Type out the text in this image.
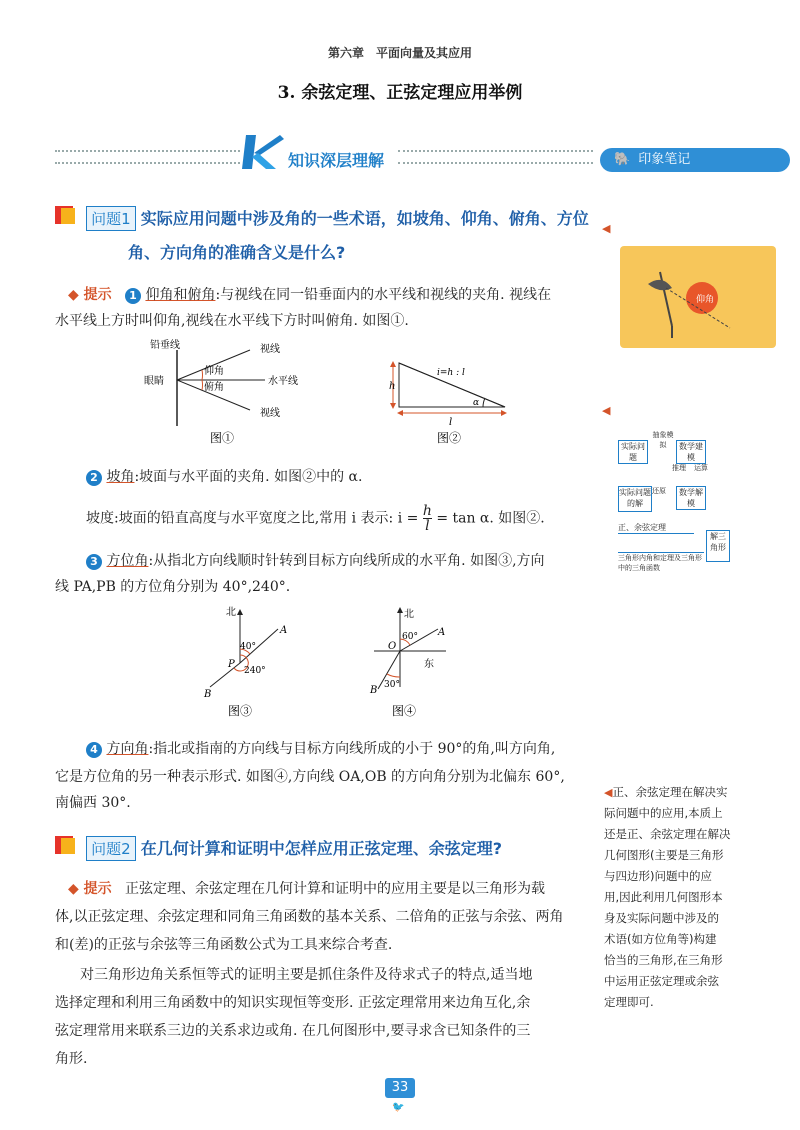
第六章　平面向量及其应用
3. 余弦定理、正弦定理应用举例
知识深层理解	🐘 印象笔记
问题1 实际应用问题中涉及角的一些术语，如坡角、仰角、俯角、方位
角、方向角的准确含义是什么?
◆ 提示 1 仰角和俯角:与视线在同一铅垂面内的水平线和视线的夹角. 视线在
水平线上方时叫仰角,视线在水平线下方时叫俯角. 如图①.
铅垂线	视线
仰角
俯角
眼睛	水平线
视线
图①
h
i=h : l
α
l
图②
2 坡角:坡面与水平面的夹角. 如图②中的 α.
坡度:坡面的铅直高度与水平宽度之比,常用 i 表示: $i = \frac{h}{l} = \tan \alpha$. 如图②.
3 方位角:从指北方向线顺时针转到目标方向线所成的水平角. 如图③,方向
线 PA,PB 的方位角分别为 40°,240°.
北
A
P
B
40°
240°
图③
北
A
O
东
B
60°
30°
图④
4 方向角:指北或指南的方向线与目标方向线所成的小于 90°的角,叫方向角,
它是方位角的另一种表示形式. 如图④,方向线 OA,OB 的方向角分别为北偏东 60°,
南偏西 30°.
问题2 在几何计算和证明中怎样应用正弦定理、余弦定理?
◆ 提示 正弦定理、余弦定理在几何计算和证明中的应用主要是以三角形为载
体,以正弦定理、余弦定理和同角三角函数的基本关系、二倍角的正弦与余弦、两角
和(差)的正弦与余弦等三角函数公式为工具来综合考查.
对三角形边角关系恒等式的证明主要是抓住条件及待求式子的特点,适当地
选择定理和利用三角函数中的知识实现恒等变形. 正弦定理常用来边角互化,余
弦定理常用来联系三边的关系求边或角. 在几何图形中,要寻求含已知条件的三
角形.
◀
仰角
◀
实际问题
抽象模拟	数学建模
推理 运算
实际问题的解
还原	数学解模
正、余弦定理
解三角形
三角形内角和定理及三角形中的三角函数
◀正、余弦定理在解决实
际问题中的应用,本质上
还是正、余弦定理在解决
几何图形(主要是三角形
与四边形)问题中的应
用,因此利用几何图形本
身及实际问题中涉及的
术语(如方位角等)构建
恰当的三角形,在三角形
中运用正弦定理或余弦
定理即可.
33
🐦
